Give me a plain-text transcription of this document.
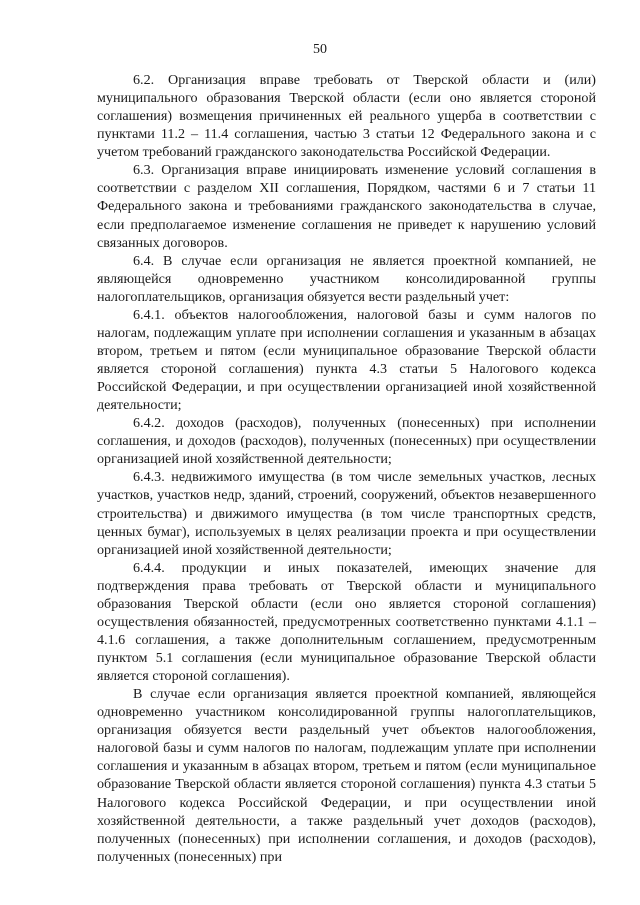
50

6.2. Организация вправе требовать от Тверской области и (или) муниципального образования Тверской области (если оно является стороной соглашения) возмещения причиненных ей реального ущерба в соответствии с пунктами 11.2 – 11.4 соглашения, частью 3 статьи 12 Федерального закона и с учетом требований гражданского законодательства Российской Федерации.

6.3. Организация вправе инициировать изменение условий соглашения в соответствии с разделом XII соглашения, Порядком, частями 6 и 7 статьи 11 Федерального закона и требованиями гражданского законодательства в случае, если предполагаемое изменение соглашения не приведет к нарушению условий связанных договоров.

6.4. В случае если организация не является проектной компанией, не являющейся одновременно участником консолидированной группы налогоплательщиков, организация обязуется вести раздельный учет:

6.4.1. объектов налогообложения, налоговой базы и сумм налогов по налогам, подлежащим уплате при исполнении соглашения и указанным в абзацах втором, третьем и пятом (если муниципальное образование Тверской области является стороной соглашения) пункта 4.3 статьи 5 Налогового кодекса Российской Федерации, и при осуществлении организацией иной хозяйственной деятельности;

6.4.2. доходов (расходов), полученных (понесенных) при исполнении соглашения, и доходов (расходов), полученных (понесенных) при осуществлении организацией иной хозяйственной деятельности;

6.4.3. недвижимого имущества (в том числе земельных участков, лесных участков, участков недр, зданий, строений, сооружений, объектов незавершенного строительства) и движимого имущества (в том числе транспортных средств, ценных бумаг), используемых в целях реализации проекта и при осуществлении организацией иной хозяйственной деятельности;

6.4.4. продукции и иных показателей, имеющих значение для подтверждения права требовать от Тверской области и муниципального образования Тверской области (если оно является стороной соглашения) осуществления обязанностей, предусмотренных соответственно пунктами 4.1.1 – 4.1.6 соглашения, а также дополнительным соглашением, предусмотренным пунктом 5.1 соглашения (если муниципальное образование Тверской области является стороной соглашения).

В случае если организация является проектной компанией, являющейся одновременно участником консолидированной группы налогоплательщиков, организация обязуется вести раздельный учет объектов налогообложения, налоговой базы и сумм налогов по налогам, подлежащим уплате при исполнении соглашения и указанным в абзацах втором, третьем и пятом (если муниципальное образование Тверской области является стороной соглашения) пункта 4.3 статьи 5 Налогового кодекса Российской Федерации, и при осуществлении иной хозяйственной деятельности, а также раздельный учет доходов (расходов), полученных (понесенных) при исполнении соглашения, и доходов (расходов), полученных (понесенных) при
